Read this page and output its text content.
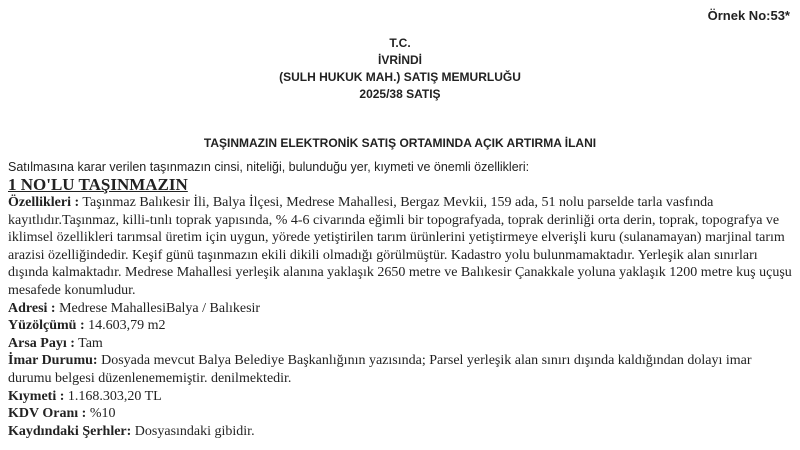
Örnek No:53*
T.C.
İVRİNDİ
(SULH HUKUK MAH.) SATIŞ MEMURLUĞU
2025/38 SATIŞ
TAŞINMAZIN ELEKTRONİK SATIŞ ORTAMINDA AÇIK ARTIRMA İLANI
Satılmasına karar verilen taşınmazın cinsi, niteliği, bulunduğu yer, kıymeti ve önemli özellikleri:
1 NO'LU TAŞINMAZIN

Özellikleri : Taşınmaz Balıkesir İli, Balya İlçesi, Medrese Mahallesi, Bergaz Mevkii, 159 ada, 51 nolu parselde tarla vasfında kayıtlıdır.Taşınmaz, killi-tınlı toprak yapısında, % 4-6 civarında eğimli bir topografyada, toprak derinliği orta derin, toprak, topografya ve iklimsel özellikleri tarımsal üretim için uygun, yörede yetiştirilen tarım ürünlerini yetiştirmeye elverişli kuru (sulanamayan) marjinal tarım arazisi özelliğindedir. Keşif günü taşınmazın ekili dikili olmadığı görülmüştür. Kadastro yolu bulunmamaktadır. Yerleşik alan sınırları dışında kalmaktadır. Medrese Mahallesi yerleşik alanına yaklaşık 2650 metre ve Balıkesir Çanakkale yoluna yaklaşık 1200 metre kuş uçuşu mesafede konumludur.

Adresi : Medrese MahallesiBalya / Balıkesir

Yüzölçümü : 14.603,79 m2

Arsa Payı : Tam

İmar Durumu: Dosyada mevcut Balya Belediye Başkanlığının yazısında; Parsel yerleşik alan sınırı dışında kaldığından dolayı imar durumu belgesi düzenlenememiştir. denilmektedir.

Kıymeti : 1.168.303,20 TL

KDV Oranı : %10

Kaydındaki Şerhler: Dosyasındaki gibidir.
